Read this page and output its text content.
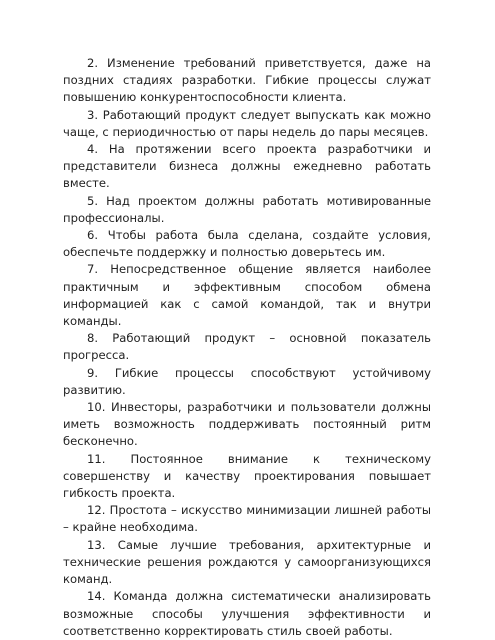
2. Изменение требований приветствуется, даже на поздних стадиях разработки. Гибкие процессы служат повышению конкурентоспособности клиента.

3. Работающий продукт следует выпускать как можно чаще, с периодичностью от пары недель до пары месяцев.

4. На протяжении всего проекта разработчики и представители бизнеса должны ежедневно работать вместе.

5. Над проектом должны работать мотивированные профессионалы.

6. Чтобы работа была сделана, создайте условия, обеспечьте поддержку и полностью доверьтесь им.

7. Непосредственное общение является наиболее практичным и эффективным способом обмена информацией как с самой командой, так и внутри команды.

8. Работающий продукт – основной показатель прогресса.

9. Гибкие процессы способствуют устойчивому развитию.

10. Инвесторы, разработчики и пользователи должны иметь возможность поддерживать постоянный ритм бесконечно.

11. Постоянное внимание к техническому совершенству и качеству проектирования повышает гибкость проекта.

12. Простота – искусство минимизации лишней работы – крайне необходима.

13. Самые лучшие требования, архитектурные и технические решения рождаются у самоорганизующихся команд.

14. Команда должна систематически анализировать возможные способы улучшения эффективности и соответственно корректировать стиль своей работы.
